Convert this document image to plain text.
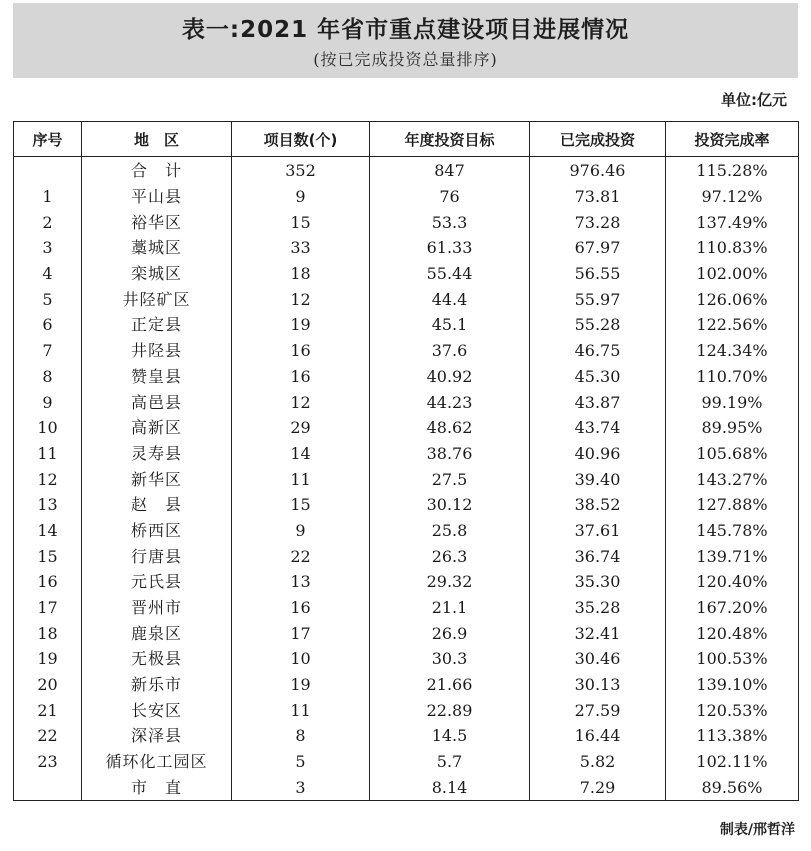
表一:2021 年省市重点建设项目进展情况
(按已完成投资总量排序)
单位:亿元
序号	地　区	项目数(个)	年度投资目标	已完成投资	投资完成率
	合　计	352	847	976.46	115.28%
1	平山县	9	76	73.81	97.12%
2	裕华区	15	53.3	73.28	137.49%
3	藁城区	33	61.33	67.97	110.83%
4	栾城区	18	55.44	56.55	102.00%
5	井陉矿区	12	44.4	55.97	126.06%
6	正定县	19	45.1	55.28	122.56%
7	井陉县	16	37.6	46.75	124.34%
8	赞皇县	16	40.92	45.30	110.70%
9	高邑县	12	44.23	43.87	99.19%
10	高新区	29	48.62	43.74	89.95%
11	灵寿县	14	38.76	40.96	105.68%
12	新华区	11	27.5	39.40	143.27%
13	赵　县	15	30.12	38.52	127.88%
14	桥西区	9	25.8	37.61	145.78%
15	行唐县	22	26.3	36.74	139.71%
16	元氏县	13	29.32	35.30	120.40%
17	晋州市	16	21.1	35.28	167.20%
18	鹿泉区	17	26.9	32.41	120.48%
19	无极县	10	30.3	30.46	100.53%
20	新乐市	19	21.66	30.13	139.10%
21	长安区	11	22.89	27.59	120.53%
22	深泽县	8	14.5	16.44	113.38%
23	循环化工园区	5	5.7	5.82	102.11%
	市　直	3	8.14	7.29	89.56%
制表/邢哲洋
